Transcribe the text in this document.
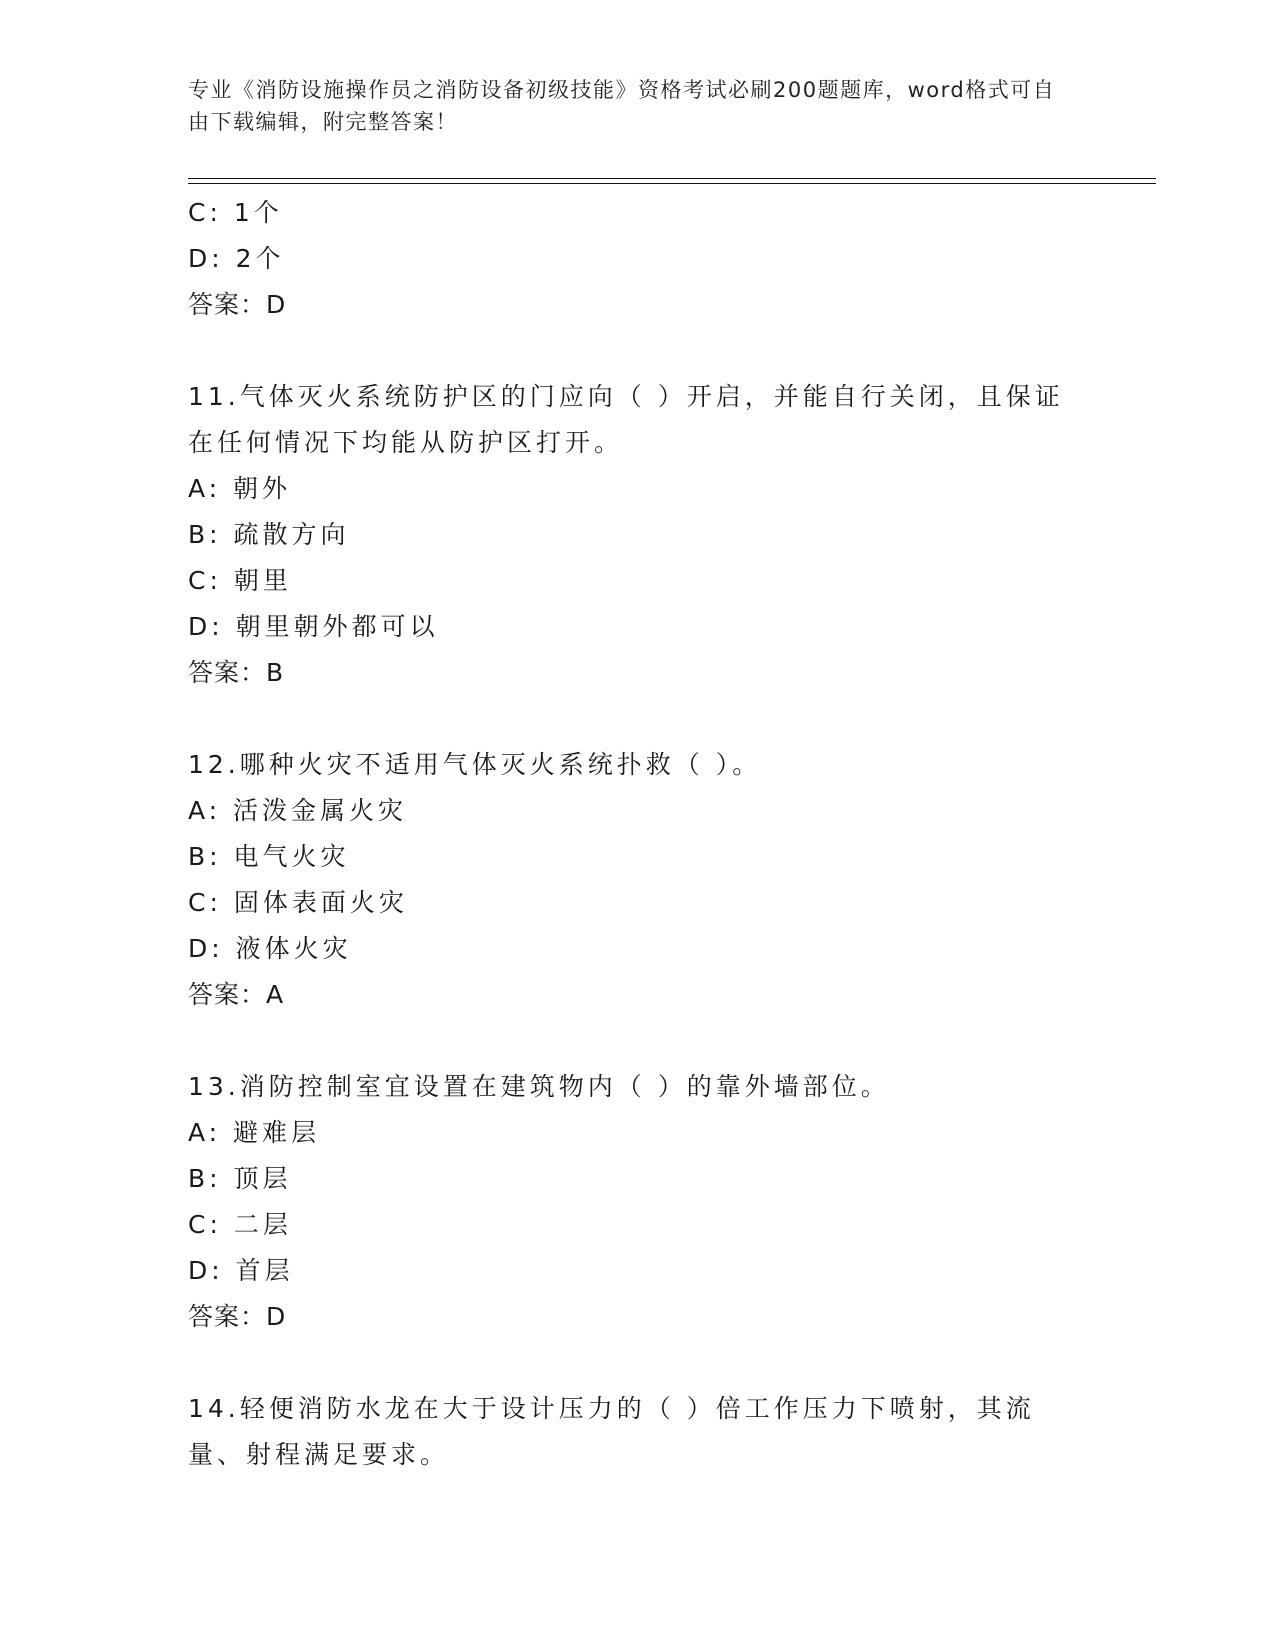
专业《消防设施操作员之消防设备初级技能》资格考试必刷200题题库，word格式可自由下载编辑，附完整答案！
C: 1个
D: 2个
答案：D
11.气体灭火系统防护区的门应向（ ）开启，并能自行关闭，且保证在任何情况下均能从防护区打开。
A: 朝外
B: 疏散方向
C: 朝里
D: 朝里朝外都可以
答案：B
12.哪种火灾不适用气体灭火系统扑救（ ）。
A: 活泼金属火灾
B: 电气火灾
C: 固体表面火灾
D: 液体火灾
答案：A
13.消防控制室宜设置在建筑物内（ ）的靠外墙部位。
A: 避难层
B: 顶层
C: 二层
D: 首层
答案：D
14.轻便消防水龙在大于设计压力的（ ）倍工作压力下喷射，其流量、射程满足要求。
